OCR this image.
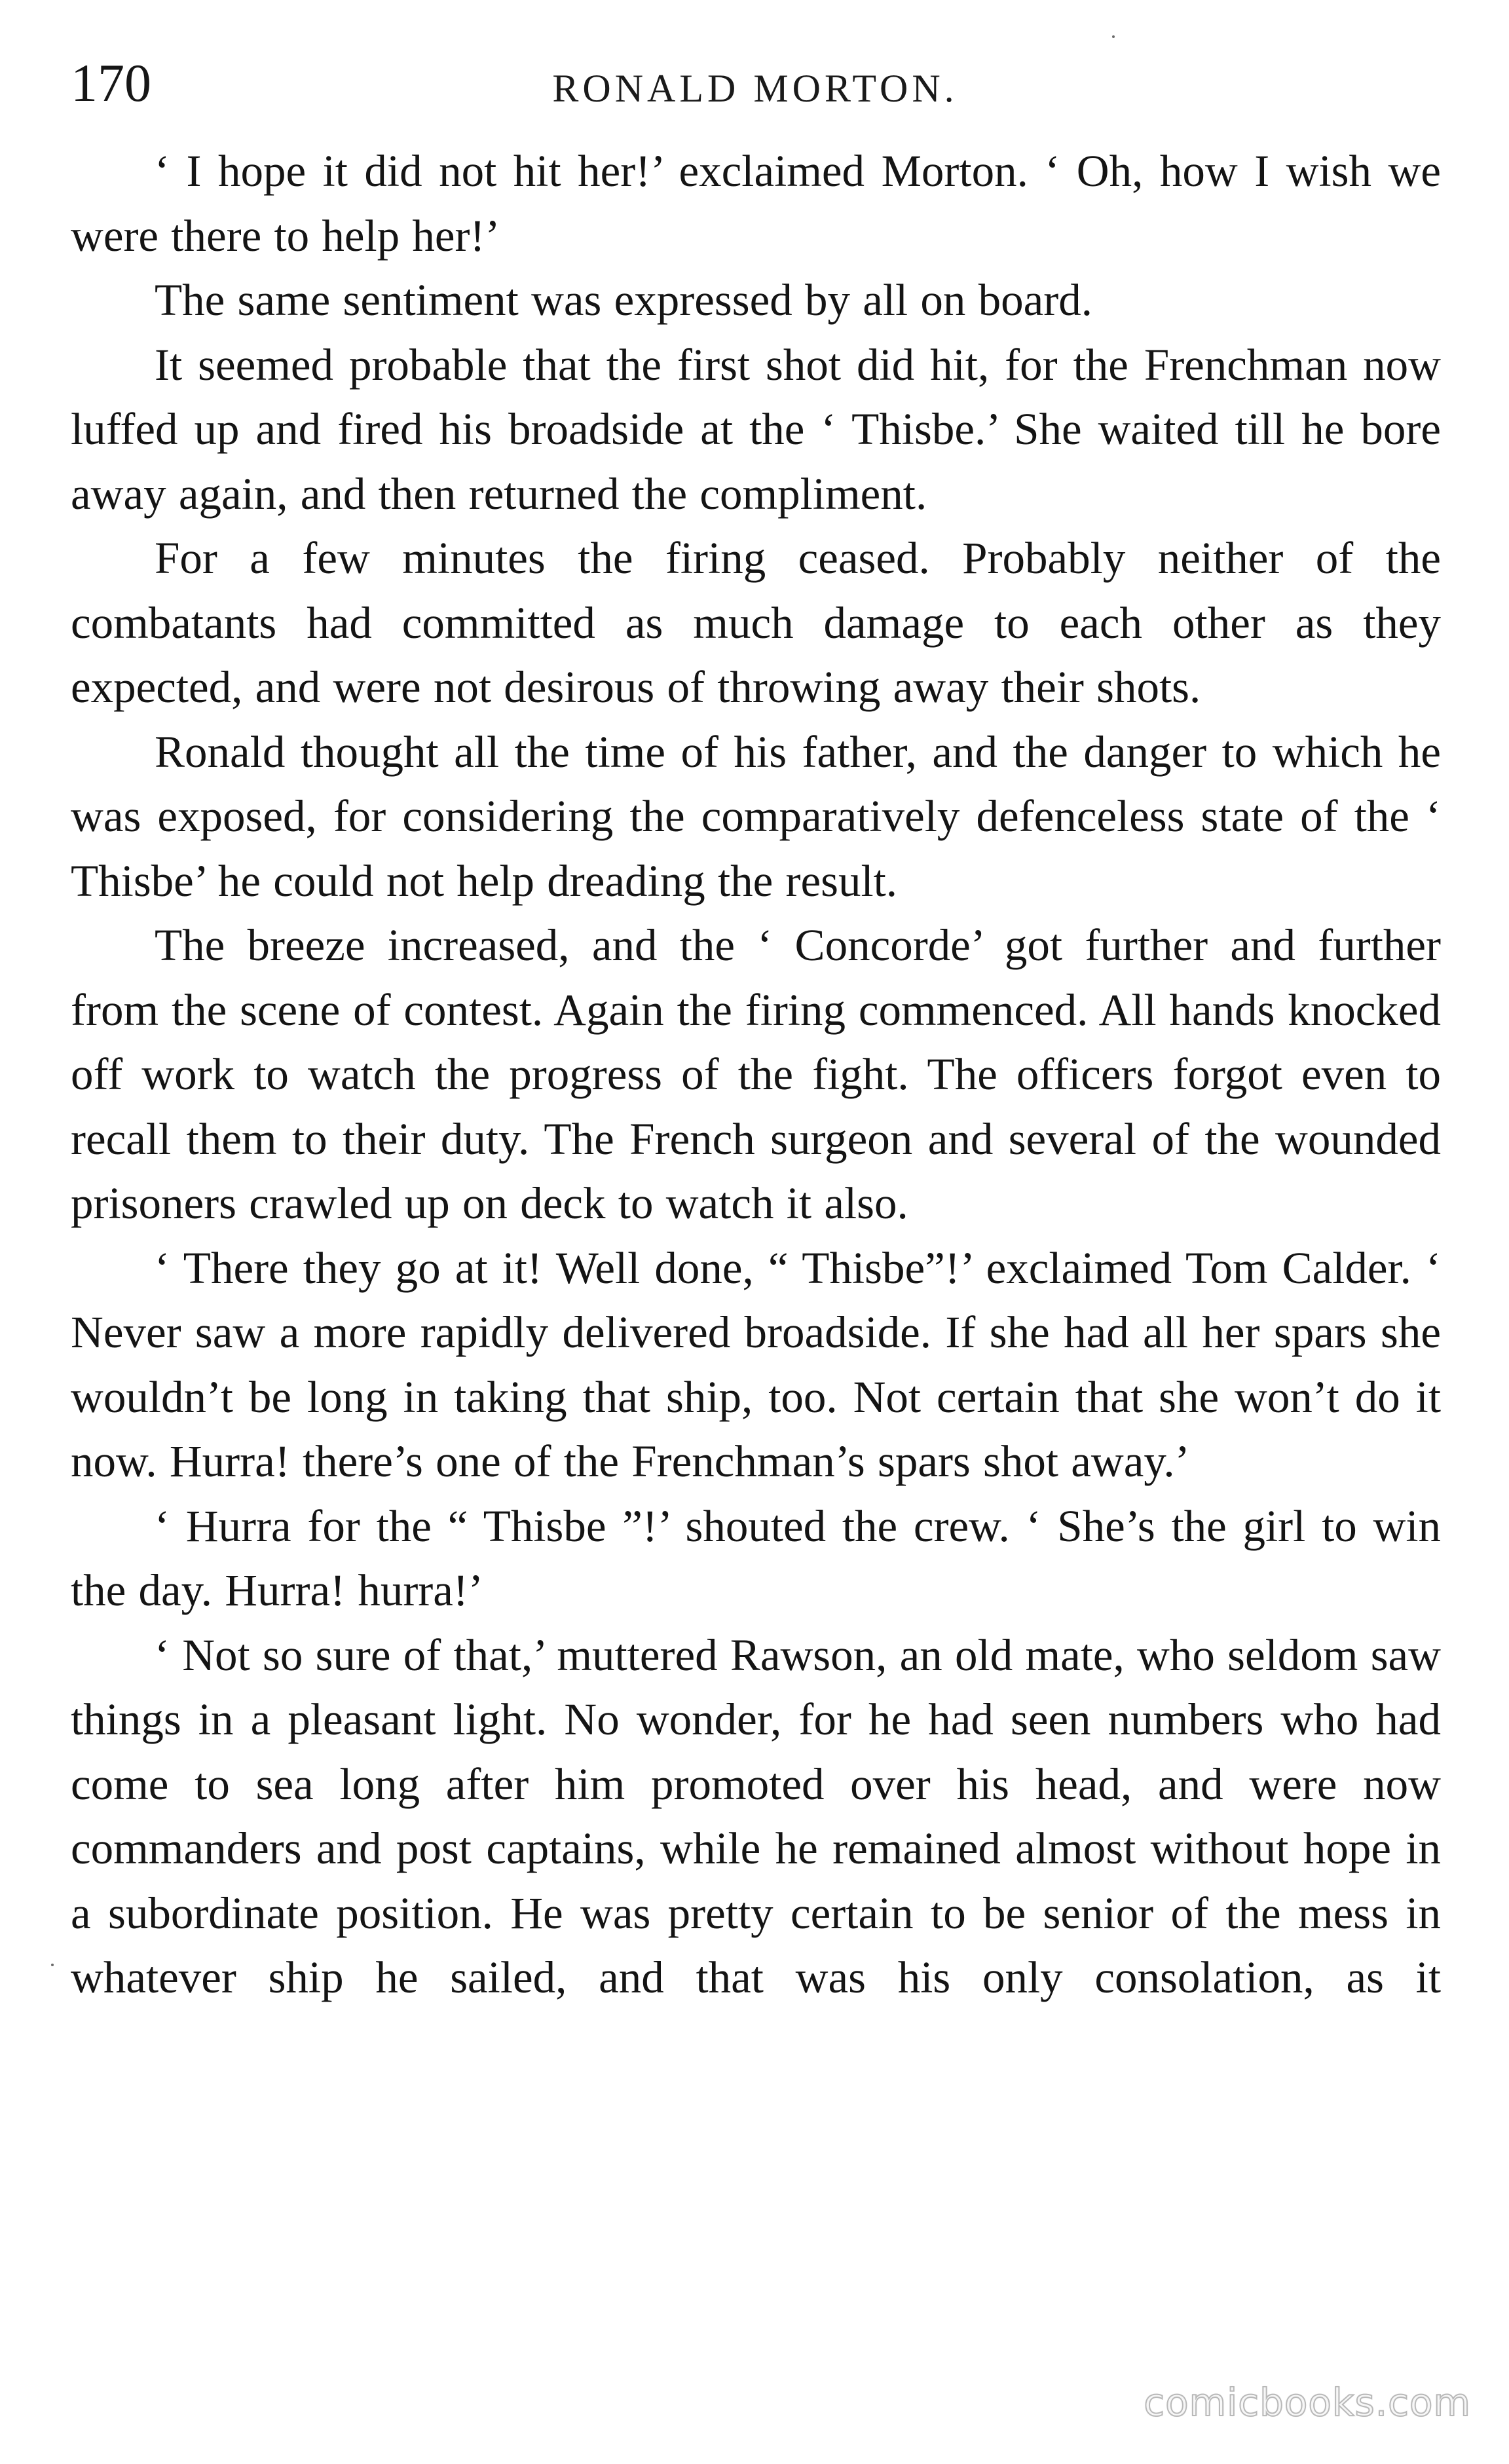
170	RONALD MORTON.

‘ I hope it did not hit her!’ exclaimed Morton. ‘ Oh, how I wish we were there to help her!’

The same sentiment was expressed by all on board.

It seemed probable that the first shot did hit, for the Frenchman now luffed up and fired his broadside at the ‘ Thisbe.’ She waited till he bore away again, and then returned the compliment.

For a few minutes the firing ceased. Probably neither of the combatants had committed as much damage to each other as they expected, and were not desirous of throwing away their shots.

Ronald thought all the time of his father, and the danger to which he was exposed, for considering the comparatively defenceless state of the ‘ Thisbe’ he could not help dreading the result.

The breeze increased, and the ‘ Concorde’ got further and further from the scene of contest. Again the firing commenced. All hands knocked off work to watch the progress of the fight. The officers forgot even to recall them to their duty. The French surgeon and several of the wounded prisoners crawled up on deck to watch it also.

‘ There they go at it! Well done, “ Thisbe”!’ exclaimed Tom Calder. ‘ Never saw a more rapidly delivered broadside. If she had all her spars she wouldn’t be long in taking that ship, too. Not certain that she won’t do it now. Hurra! there’s one of the Frenchman’s spars shot away.’

‘ Hurra for the “ Thisbe ”!’ shouted the crew. ‘ She’s the girl to win the day. Hurra! hurra!’

‘ Not so sure of that,’ muttered Rawson, an old mate, who seldom saw things in a pleasant light. No wonder, for he had seen numbers who had come to sea long after him promoted over his head, and were now commanders and post captains, while he remained almost without hope in a subordinate position. He was pretty certain to be senior of the mess in whatever ship he sailed, and that was his only consolation, as it

comicbooks.com
